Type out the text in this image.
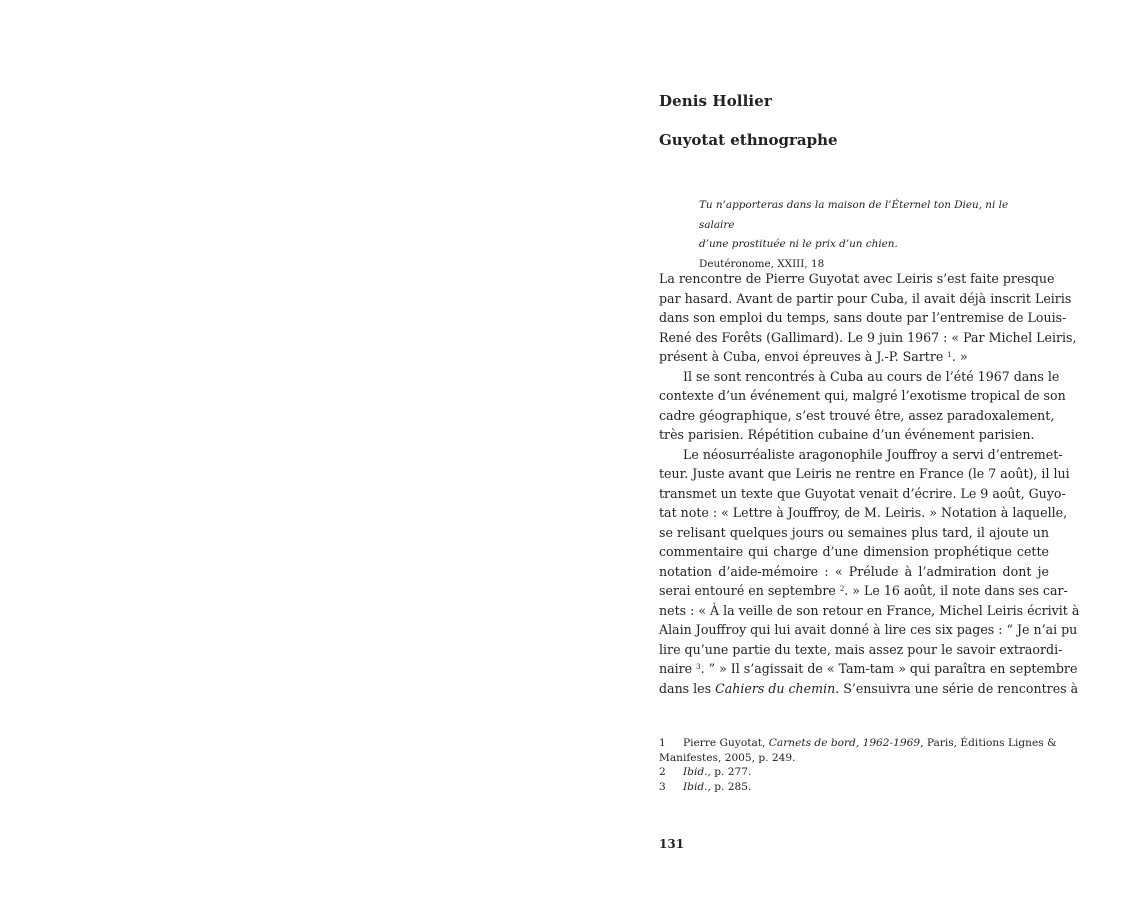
Denis Hollier
Guyotat ethnographe
Tu n’apporteras dans la maison de l’Éternel ton Dieu, ni le salaire
d’une prostituée ni le prix d’un chien.
Deutéronome, XXIII, 18
La rencontre de Pierre Guyotat avec Leiris s’est faite presque
par hasard. Avant de partir pour Cuba, il avait déjà inscrit Leiris
dans son emploi du temps, sans doute par l’entremise de Louis-
René des Forêts (Gallimard). Le 9 juin 1967 : « Par Michel Leiris,
présent à Cuba, envoi épreuves à J.-P. Sartre $^1$. »
Il se sont rencontrés à Cuba au cours de l’été 1967 dans le
contexte d’un événement qui, malgré l’exotisme tropical de son
cadre géographique, s’est trouvé être, assez paradoxalement,
très parisien. Répétition cubaine d’un événement parisien.
Le néosurréaliste aragonophile Jouffroy a servi d’entremet-
teur. Juste avant que Leiris ne rentre en France (le 7 août), il lui
transmet un texte que Guyotat venait d’écrire. Le 9 août, Guyo-
tat note : « Lettre à Jouffroy, de M. Leiris. » Notation à laquelle,
se relisant quelques jours ou semaines plus tard, il ajoute un
commentaire qui charge d’une dimension prophétique cette
notation d’aide-mémoire : « Prélude à l’admiration dont je
serai entouré en septembre $^2$. » Le 16 août, il note dans ses car-
nets : « À la veille de son retour en France, Michel Leiris écrivit à
Alain Jouffroy qui lui avait donné à lire ces six pages : “ Je n’ai pu
lire qu’une partie du texte, mais assez pour le savoir extraordi-
naire $^3$. ” » Il s’agissait de « Tam-tam » qui paraîtra en septembre
dans les Cahiers du chemin. S’ensuivra une série de rencontres à
1 Pierre Guyotat, Carnets de bord, 1962-1969, Paris, Éditions Lignes &
Manifestes, 2005, p. 249.
2 Ibid., p. 277.
3 Ibid., p. 285.
131
